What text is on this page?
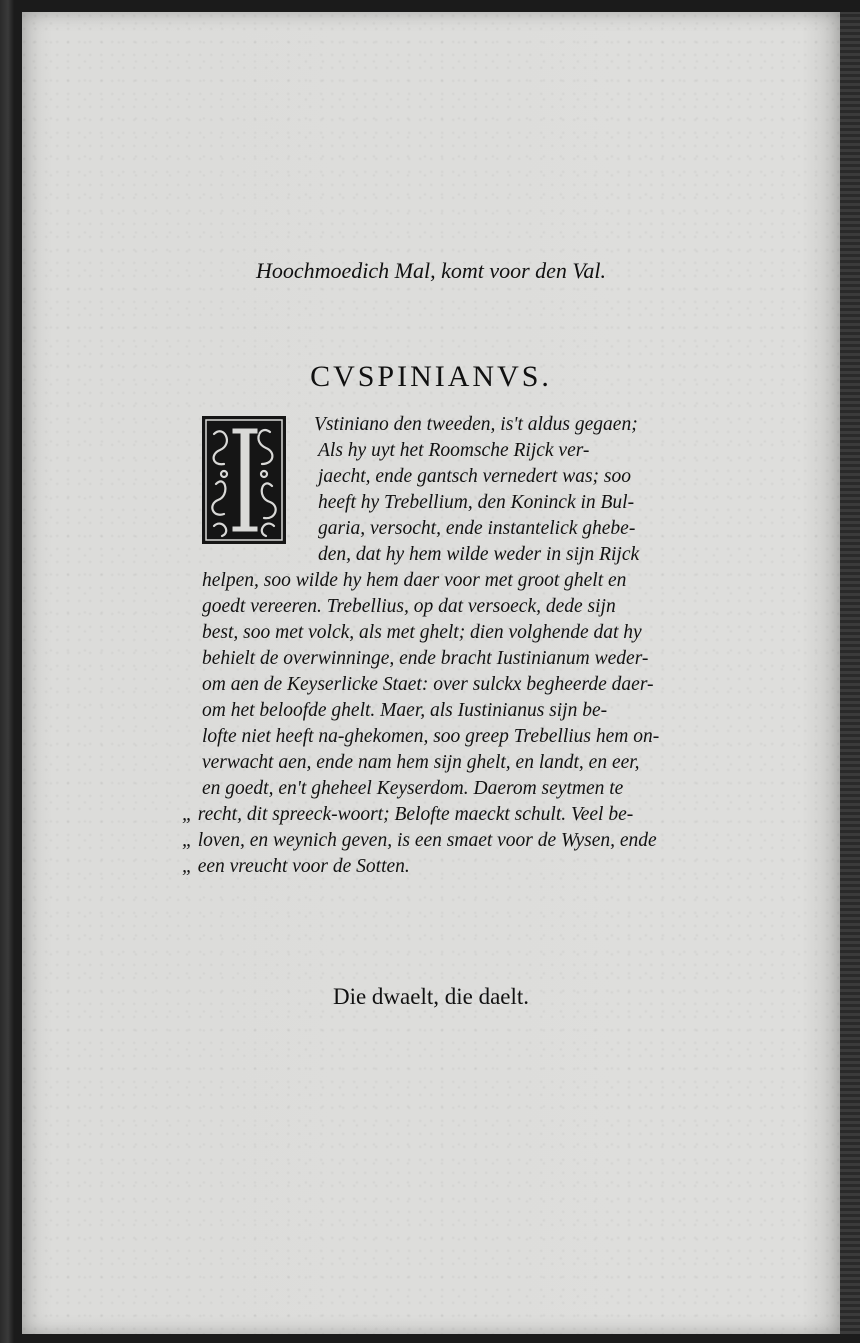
Hoochmoedich Mal, komt voor den Val.
CVSPINIANVS.
I
Vstiniano den tweeden, is't aldus gegaen;
Als hy uyt het Roomsche Rijck ver-
jaecht, ende gantsch vernedert was; soo
heeft hy Trebellium, den Koninck in Bul-
garia, versocht, ende instantelick ghebe-
den, dat hy hem wilde weder in sijn Rijck
helpen, soo wilde hy hem daer voor met groot ghelt en
goedt vereeren. Trebellius, op dat versoeck, dede sijn
best, soo met volck, als met ghelt; dien volghende dat hy
behielt de overwinninge, ende bracht Iustinianum weder-
om aen de Keyserlicke Staet: over sulckx begheerde daer-
om het beloofde ghelt. Maer, als Iustinianus sijn be-
lofte niet heeft na-ghekomen, soo greep Trebellius hem on-
verwacht aen, ende nam hem sijn ghelt, en landt, en eer,
en goedt, en't gheheel Keyserdom. Daerom seytmen te
„ recht, dit spreeck-woort; Belofte maeckt schult. Veel be-
„ loven, en weynich geven, is een smaet voor de Wysen, ende
„ een vreucht voor de Sotten.
Die dwaelt, die daelt.
